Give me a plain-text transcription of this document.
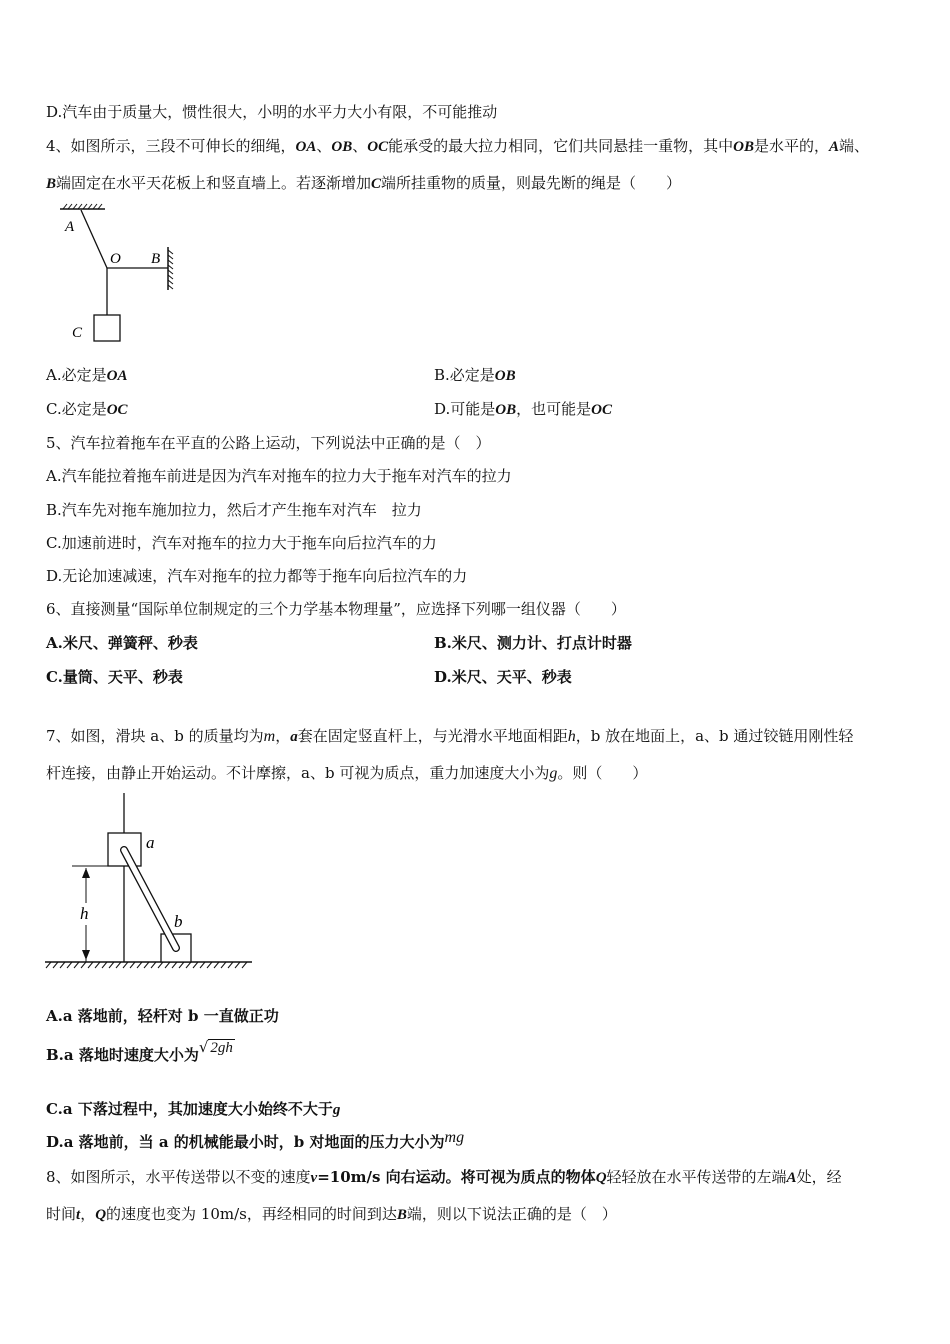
D.汽车由于质量大，惯性很大，小明的水平力大小有限，不可能推动
4、如图所示，三段不可伸长的细绳，OA、OB、OC能承受的最大拉力相同，它们共同悬挂一重物，其中OB是水平的，A端、
B端固定在水平天花板上和竖直墙上。若逐渐增加C端所挂重物的质量，则最先断的绳是（　　）
A
O B
C
A.必定是OA	B.必定是OB
C.必定是OC	D.可能是OB，也可能是OC
5、汽车拉着拖车在平直的公路上运动，下列说法中正确的是（　）
A.汽车能拉着拖车前进是因为汽车对拖车的拉力大于拖车对汽车的拉力
B.汽车先对拖车施加拉力，然后才产生拖车对汽车　拉力
C.加速前进时，汽车对拖车的拉力大于拖车向后拉汽车的力
D.无论加速减速，汽车对拖车的拉力都等于拖车向后拉汽车的力
6、直接测量“国际单位制规定的三个力学基本物理量”，应选择下列哪一组仪器（　　）
A.米尺、弹簧秤、秒表	B.米尺、测力计、打点计时器
C.量筒、天平、秒表	D.米尺、天平、秒表
7、如图，滑块 a、b 的质量均为m，a套在固定竖直杆上，与光滑水平地面相距h，b 放在地面上，a、b 通过铰链用刚性轻
杆连接，由静止开始运动。不计摩擦，a、b 可视为质点，重力加速度大小为g。则（　　）
h
a
b
A.a 落地前，轻杆对 b 一直做正功
B.a 落地时速度大小为√ 2gh
C.a 下落过程中，其加速度大小始终不大于g
D.a 落地前，当 a 的机械能最小时，b 对地面的压力大小为mg
8、如图所示，水平传送带以不变的速度v=10m/s 向右运动。将可视为质点的物体Q轻轻放在水平传送带的左端A处，经
时间t，Q的速度也变为 10m/s，再经相同的时间到达B端，则以下说法正确的是（　）
